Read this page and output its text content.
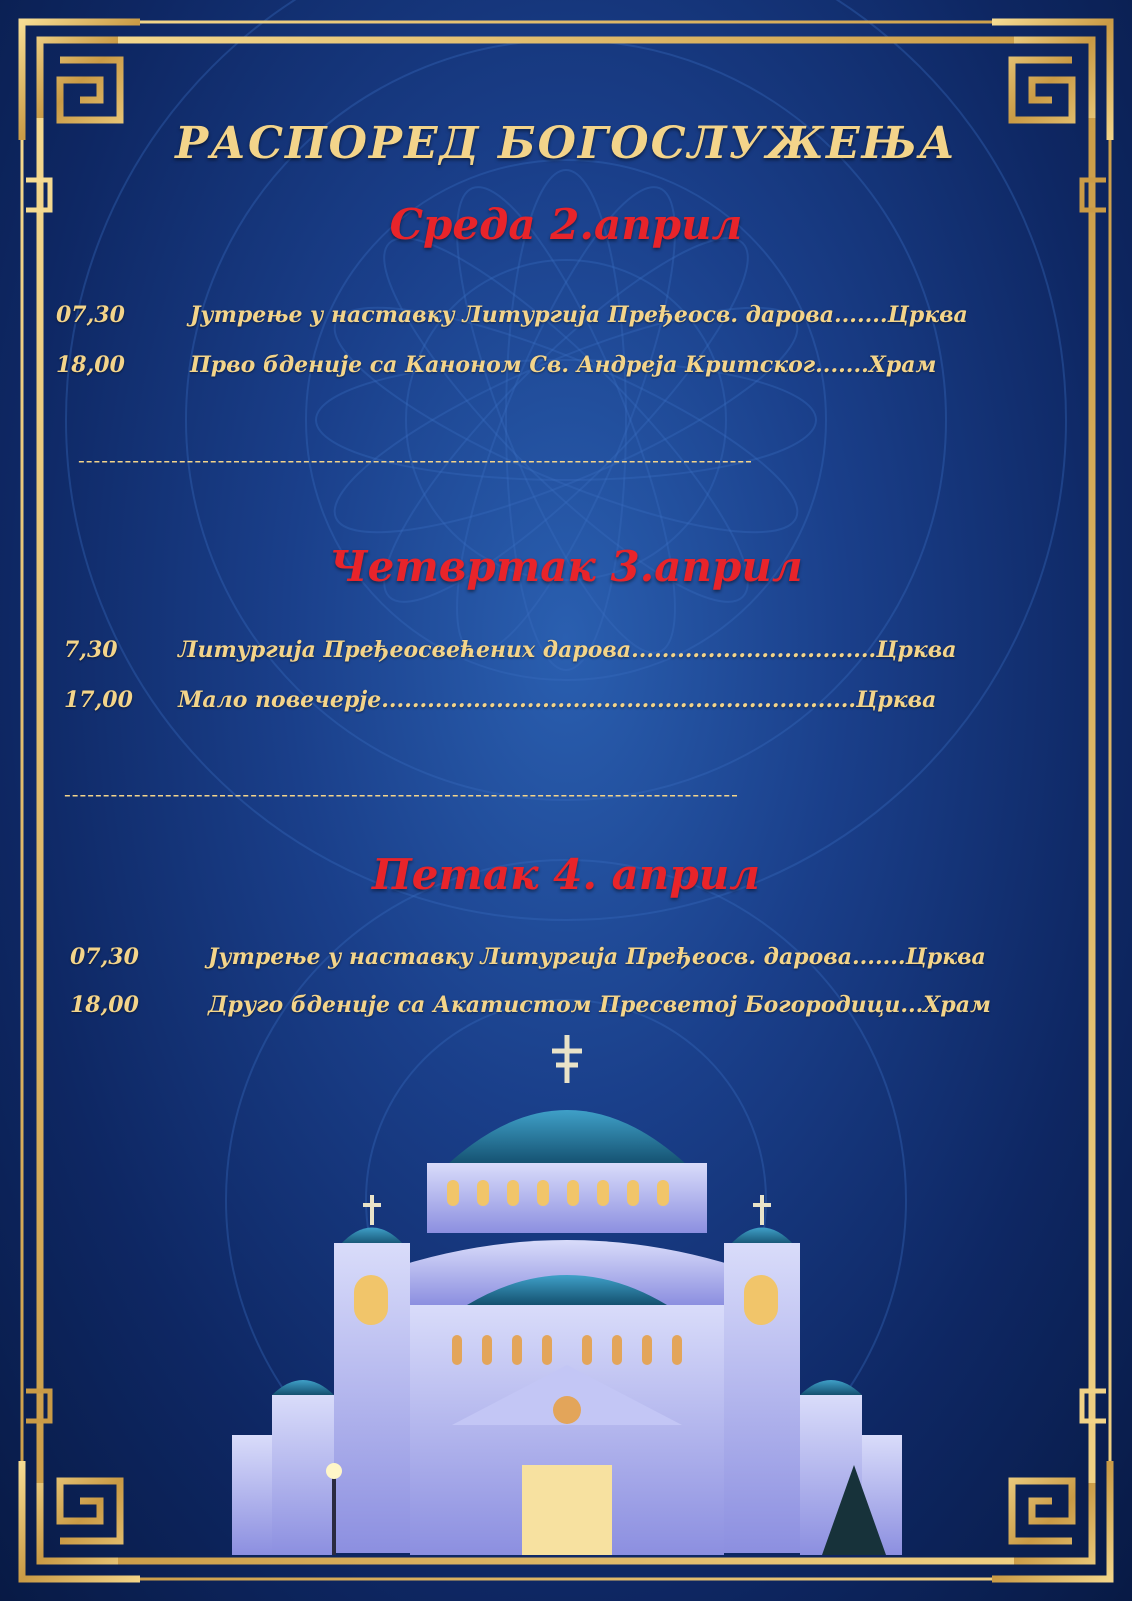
РАСПОРЕД БОГОСЛУЖЕЊА
Среда 2.април
07,30	Јутрење у наставку Литургија Пређеосв. дарова.......Црква
18,00	Прво бденије са Каноном Св. Андреја Критског.......Храм
---------------------------------------------------------------------------------------
Четвртак 3.април
7,30	Литургија Пређеосвећених дарова................................Црква
17,00 Мало повечерје..............................................................Црква
---------------------------------------------------------------------------------------
Петак 4. април
07,30	Јутрење у наставку Литургија Пређеосв. дарова.......Црква
18,00	Друго бденије са Акатистом Пресветој Богородици...Храм
